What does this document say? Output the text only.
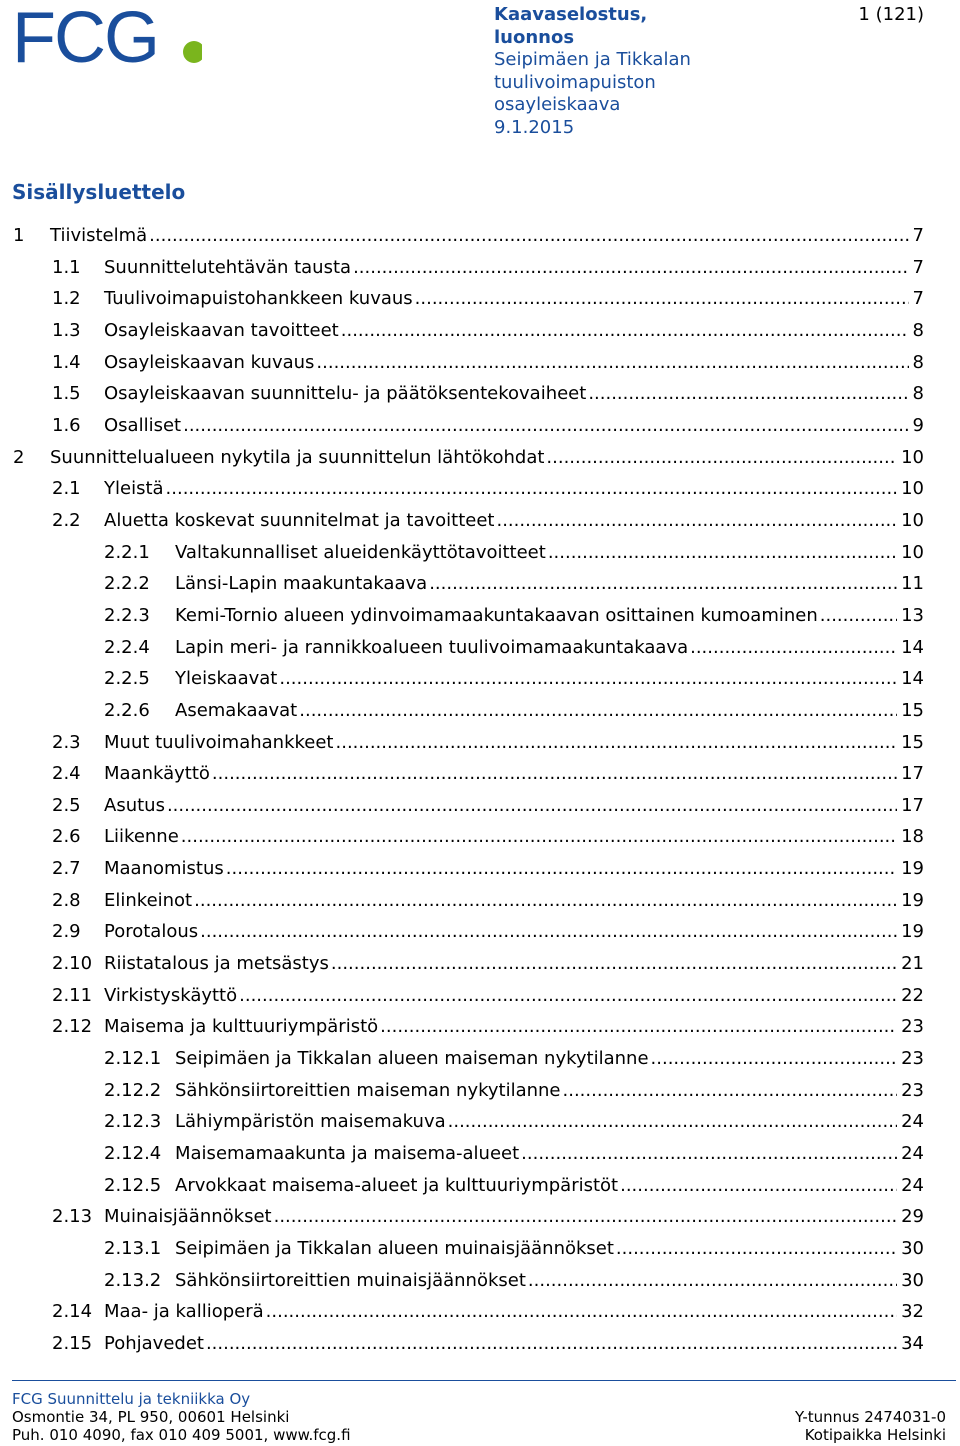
FCG	Kaavaselostus,
luonnos
Seipimäen ja Tikkalan
tuulivoimapuiston
osayleiskaava
9.1.2015
1 (121)
Sisällysluettelo
1 Tiivistelmä .....	7
1.1 Suunnittelutehtävän tausta .....	7
1.2 Tuulivoimapuistohankkeen kuvaus .....	7
1.3 Osayleiskaavan tavoitteet .....	8
1.4 Osayleiskaavan kuvaus .....	8
1.5 Osayleiskaavan suunnittelu- ja päätöksentekovaiheet .....	8
1.6 Osalliset .....	9
2 Suunnittelualueen nykytila ja suunnittelun lähtökohdat .....	10
2.1 Yleistä .....	10
2.2 Aluetta koskevat suunnitelmat ja tavoitteet .....	10
2.2.1 Valtakunnalliset alueidenkäyttötavoitteet .....	10
2.2.2 Länsi-Lapin maakuntakaava .....	11
2.2.3 Kemi-Tornio alueen ydinvoimamaakuntakaavan osittainen kumoaminen .....	13
2.2.4 Lapin meri- ja rannikkoalueen tuulivoimamaakuntakaava .....	14
2.2.5 Yleiskaavat .....	14
2.2.6 Asemakaavat .....	15
2.3 Muut tuulivoimahankkeet .....	15
2.4 Maankäyttö .....	17
2.5 Asutus .....	17
2.6 Liikenne .....	18
2.7 Maanomistus .....	19
2.8 Elinkeinot .....	19
2.9 Porotalous .....	19
2.10 Riistatalous ja metsästys .....	21
2.11 Virkistyskäyttö .....	22
2.12 Maisema ja kulttuuriympäristö .....	23
2.12.1 Seipimäen ja Tikkalan alueen maiseman nykytilanne .....	23
2.12.2 Sähkönsiirtoreittien maiseman nykytilanne .....	23
2.12.3 Lähiympäristön maisemakuva .....	24
2.12.4 Maisemamaakunta ja maisema-alueet .....	24
2.12.5 Arvokkaat maisema-alueet ja kulttuuriympäristöt .....	24
2.13 Muinaisjäännökset .....	29
2.13.1 Seipimäen ja Tikkalan alueen muinaisjäännökset .....	30
2.13.2 Sähkönsiirtoreittien muinaisjäännökset .....	30
2.14 Maa- ja kallioperä .....	32
2.15 Pohjavedet .....	34
FCG Suunnittelu ja tekniikka Oy
Osmontie 34, PL 950, 00601 Helsinki
Puh. 010 4090, fax 010 409 5001, www.fcg.fi
Y-tunnus 2474031-0
Kotipaikka Helsinki
